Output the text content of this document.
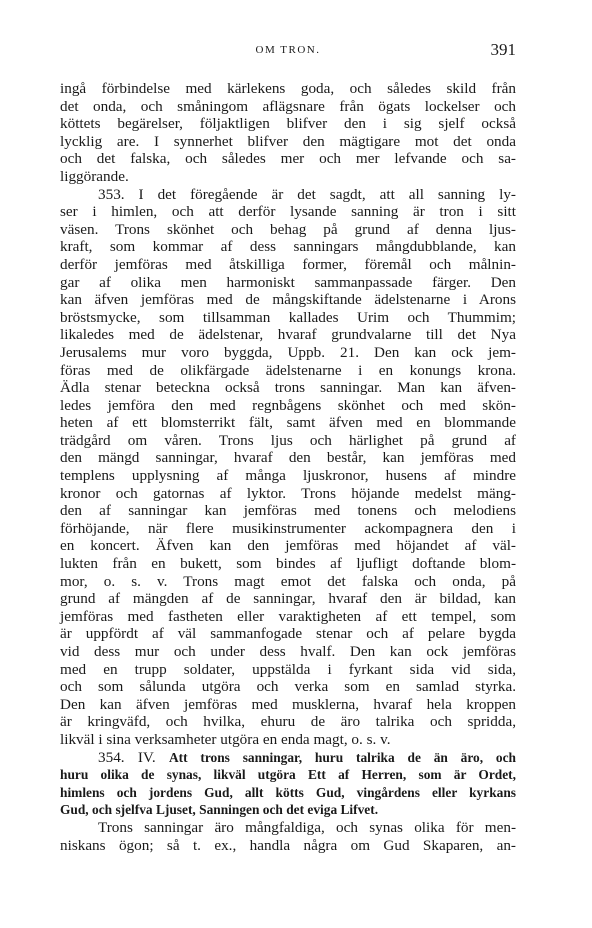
OM TRON.	391
ingå förbindelse med kärlekens goda, och således skild från
det onda, och småningom aflägsnare från ögats lockelser och
köttets begärelser, följaktligen blifver den i sig sjelf också
lycklig are. I synnerhet blifver den mägtigare mot det onda
och det falska, och således mer och mer lefvande och sa-
liggörande.
353. I det föregående är det sagdt, att all sanning ly-
ser i himlen, och att derför lysande sanning är tron i sitt
väsen. Trons skönhet och behag på grund af denna ljus-
kraft, som kommar af dess sanningars mångdubblande, kan
derför jemföras med åtskilliga former, föremål och målnin-
gar af olika men harmoniskt sammanpassade färger. Den
kan äfven jemföras med de mångskiftande ädelstenarne i Arons
bröstsmycke, som tillsamman kallades Urim och Thummim;
likaledes med de ädelstenar, hvaraf grundvalarne till det Nya
Jerusalems mur voro byggda, Uppb. 21. Den kan ock jem-
föras med de olikfärgade ädelstenarne i en konungs krona.
Ädla stenar beteckna också trons sanningar. Man kan äfven-
ledes jemföra den med regnbågens skönhet och med skön-
heten af ett blomsterrikt fält, samt äfven med en blommande
trädgård om våren. Trons ljus och härlighet på grund af
den mängd sanningar, hvaraf den består, kan jemföras med
templens upplysning af många ljuskronor, husens af mindre
kronor och gatornas af lyktor. Trons höjande medelst mäng-
den af sanningar kan jemföras med tonens och melodiens
förhöjande, när flere musikinstrumenter ackompagnera den i
en koncert. Äfven kan den jemföras med höjandet af väl-
lukten från en bukett, som bindes af ljufligt doftande blom-
mor, o. s. v. Trons magt emot det falska och onda, på
grund af mängden af de sanningar, hvaraf den är bildad, kan
jemföras med fastheten eller varaktigheten af ett tempel, som
är uppfördt af väl sammanfogade stenar och af pelare bygda
vid dess mur och under dess hvalf. Den kan ock jemföras
med en trupp soldater, uppstälda i fyrkant sida vid sida,
och som sålunda utgöra och verka som en samlad styrka.
Den kan äfven jemföras med musklerna, hvaraf hela kroppen
är kringväfd, och hvilka, ehuru de äro talrika och spridda,
likväl i sina verksamheter utgöra en enda magt, o. s. v.
354. IV. Att trons sanningar, huru talrika de än äro, och
huru olika de synas, likväl utgöra Ett af Herren, som är Ordet,
himlens och jordens Gud, allt kötts Gud, vingårdens eller kyrkans
Gud, och sjelfva Ljuset, Sanningen och det eviga Lifvet.
Trons sanningar äro mångfaldiga, och synas olika för men-
niskans ögon; så t. ex., handla några om Gud Skaparen, an-
